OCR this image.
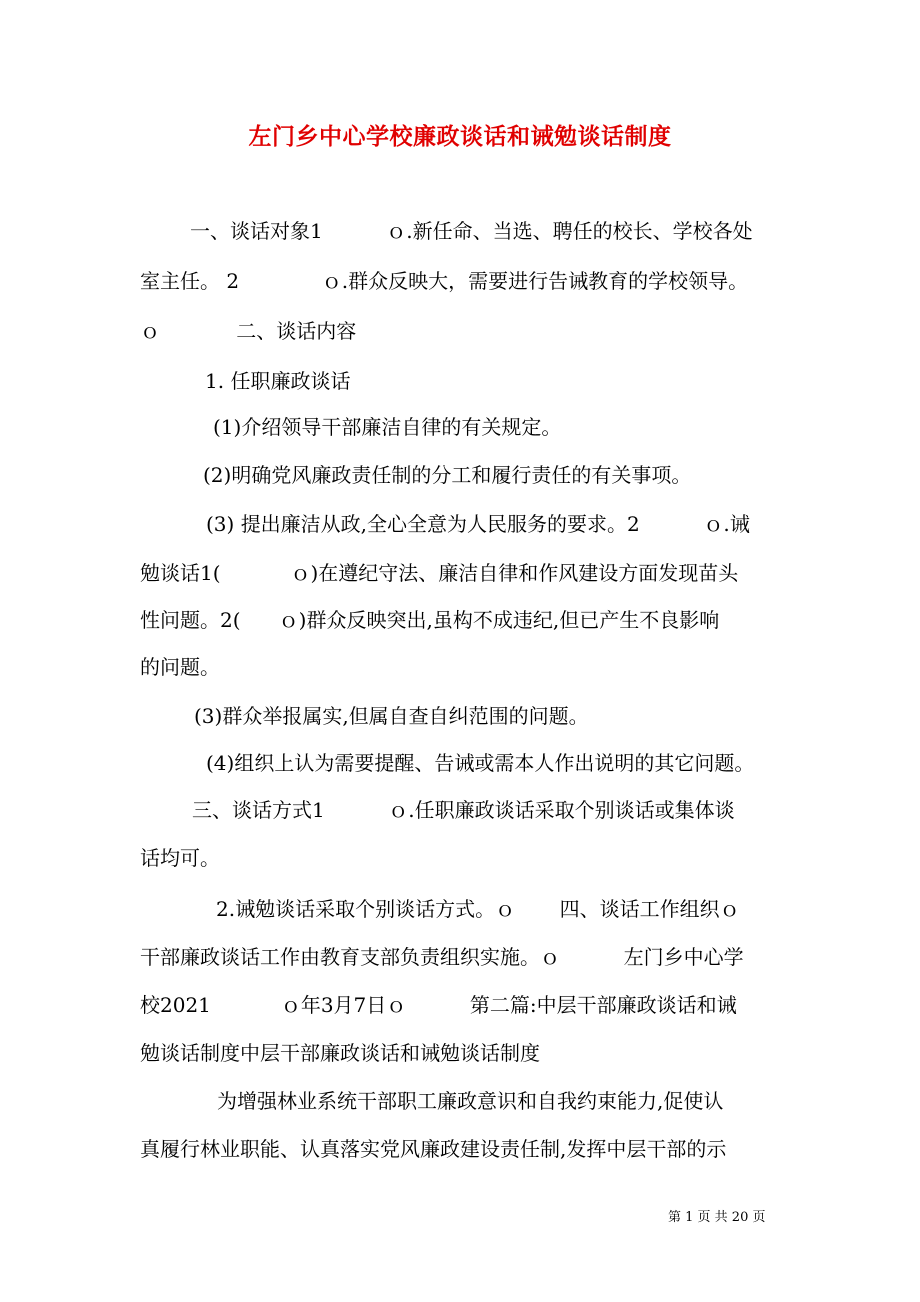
左门乡中心学校廉政谈话和诫勉谈话制度
一、谈话对象1          ｏ.新任命、当选、聘任的校长、学校各处
室主任。 2             ｏ.群众反映大，需要进行告诫教育的学校领导。
ｏ            二、谈话内容
1. 任职廉政谈话
(1)介绍领导干部廉洁自律的有关规定。
(2)明确党风廉政责任制的分工和履行责任的有关事项。
(3) 提出廉洁从政,全心全意为人民服务的要求。2          ｏ.诫
勉谈话1(           ｏ)在遵纪守法、廉洁自律和作风建设方面发现苗头
性问题。2(      ｏ)群众反映突出,虽构不成违纪,但已产生不良影响
的问题。
(3)群众举报属实,但属自查自纠范围的问题。
(4)组织上认为需要提醒、告诫或需本人作出说明的其它问题。
三、谈话方式1          ｏ.任职廉政谈话采取个别谈话或集体谈
话均可。
2.诫勉谈话采取个别谈话方式。ｏ       四、谈话工作组织ｏ
干部廉政谈话工作由教育支部负责组织实施。ｏ          左门乡中心学
校2021           ｏ年3月7日ｏ          第二篇:中层干部廉政谈话和诫
勉谈话制度中层干部廉政谈话和诫勉谈话制度
为增强林业系统干部职工廉政意识和自我约束能力,促使认
真履行林业职能、认真落实党风廉政建设责任制,发挥中层干部的示
第 1 页 共 20 页
